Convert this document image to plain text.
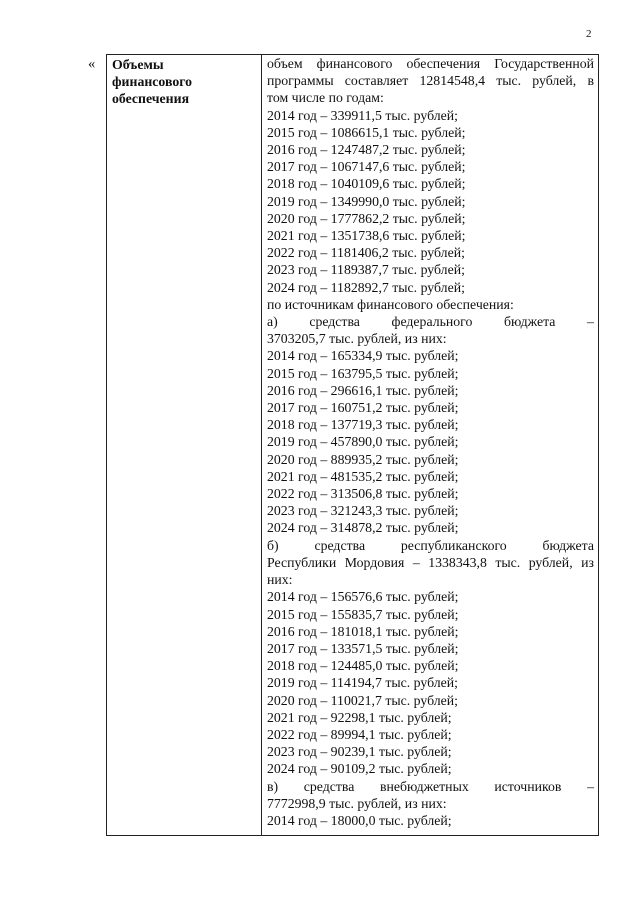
2
« Объемы
финансового
обеспечения

объем финансового обеспечения Государственной
программы составляет 12814548,4 тыс. рублей, в
том числе по годам:
2014 год – 339911,5 тыс. рублей;
2015 год – 1086615,1 тыс. рублей;
2016 год – 1247487,2 тыс. рублей;
2017 год – 1067147,6 тыс. рублей;
2018 год – 1040109,6 тыс. рублей;
2019 год – 1349990,0 тыс. рублей;
2020 год – 1777862,2 тыс. рублей;
2021 год – 1351738,6 тыс. рублей;
2022 год – 1181406,2 тыс. рублей;
2023 год – 1189387,7 тыс. рублей;
2024 год – 1182892,7 тыс. рублей;
по источникам финансового обеспечения:
а) средства федерального бюджета –
3703205,7 тыс. рублей, из них:
2014 год – 165334,9 тыс. рублей;
2015 год – 163795,5 тыс. рублей;
2016 год – 296616,1 тыс. рублей;
2017 год – 160751,2 тыс. рублей;
2018 год – 137719,3 тыс. рублей;
2019 год – 457890,0 тыс. рублей;
2020 год – 889935,2 тыс. рублей;
2021 год – 481535,2 тыс. рублей;
2022 год – 313506,8 тыс. рублей;
2023 год – 321243,3 тыс. рублей;
2024 год – 314878,2 тыс. рублей;
б)	средства	республиканского	бюджета
Республики Мордовия – 1338343,8 тыс. рублей, из
них:
2014 год – 156576,6 тыс. рублей;
2015 год – 155835,7 тыс. рублей;
2016 год – 181018,1 тыс. рублей;
2017 год – 133571,5 тыс. рублей;
2018 год – 124485,0 тыс. рублей;
2019 год – 114194,7 тыс. рублей;
2020 год – 110021,7 тыс. рублей;
2021 год – 92298,1 тыс. рублей;
2022 год – 89994,1 тыс. рублей;
2023 год – 90239,1 тыс. рублей;
2024 год – 90109,2 тыс. рублей;
в) средства внебюджетных источников –
7772998,9 тыс. рублей, из них:
2014 год – 18000,0 тыс. рублей;
